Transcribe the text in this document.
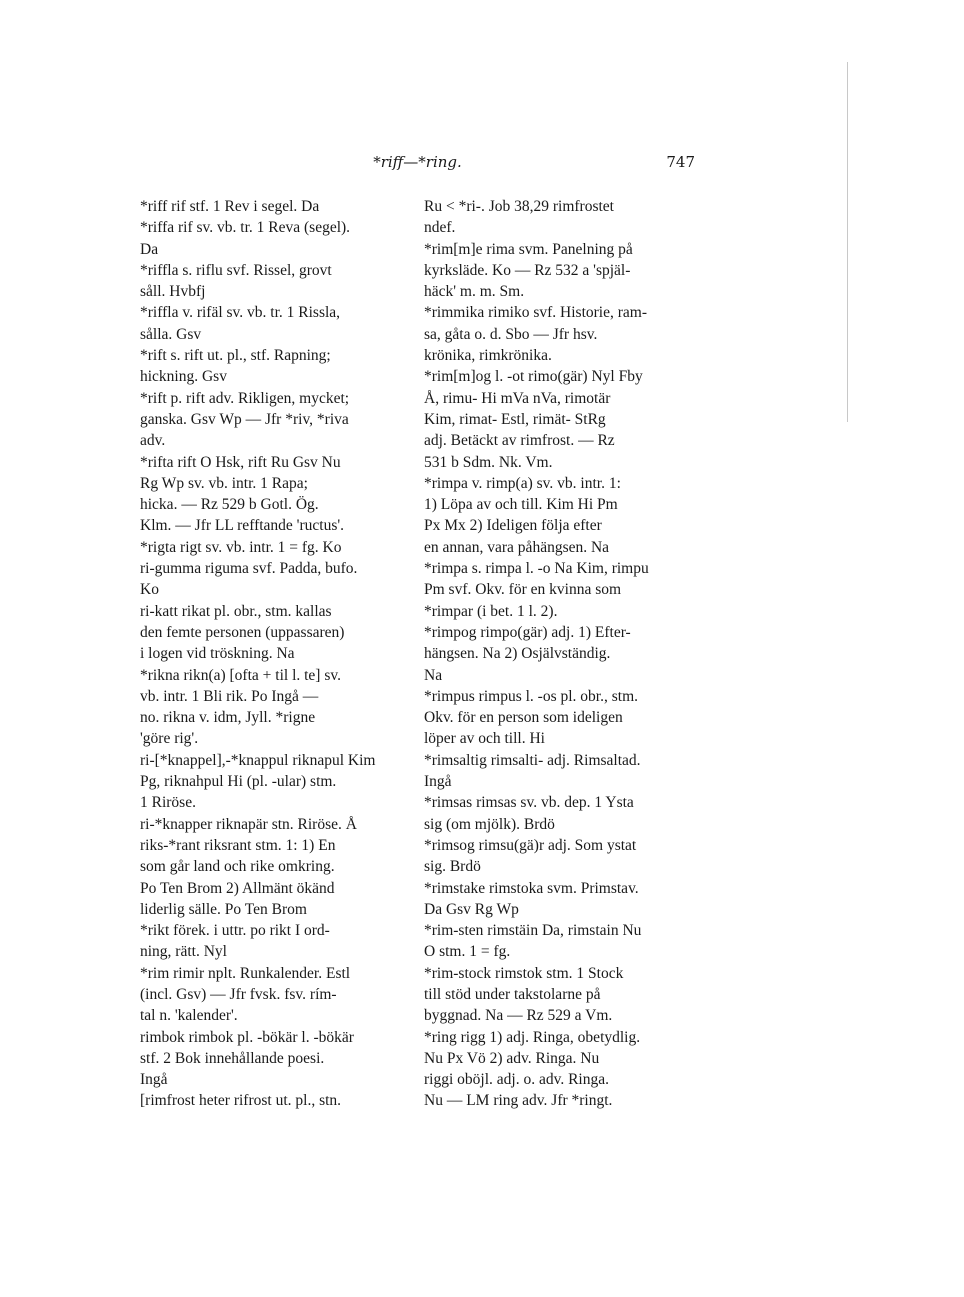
*riff—*ring.	747
*riff rif stf. 1 Rev i segel. Da
*riffa rif sv. vb. tr. 1 Reva (segel).
Da
*riffla s. riflu svf. Rissel, grovt
såll. Hvbfj
*riffla v. rifäl sv. vb. tr. 1 Rissla,
sålla. Gsv
*rift s. rift ut. pl., stf. Rapning;
hickning. Gsv
*rift p. rift adv. Rikligen, mycket;
ganska. Gsv Wp — Jfr *riv, *riva
adv.
*rifta rift O Hsk, rift Ru Gsv Nu
Rg Wp sv. vb. intr. 1 Rapa;
hicka. — Rz 529 b Gotl. Ög.
Klm. — Jfr LL refftande 'ructus'.
*rigta rigt sv. vb. intr. 1 = fg. Ko
ri-gumma riguma svf. Padda, bufo.
Ko
ri-katt rikat pl. obr., stm. kallas
den femte personen (uppassaren)
i logen vid tröskning. Na
*rikna rikn(a) [ofta + til l. te] sv.
vb. intr. 1 Bli rik. Po Ingå —
no. rikna v. idm, Jyll. *rigne
'göre rig'.
ri-[*knappel],-*knappul riknapul Kim
Pg, riknahpul Hi (pl. -ular) stm.
1 Riröse.
ri-*knapper riknapär stn. Riröse. Å
riks-*rant riksrant stm. 1: 1) En
som går land och rike omkring.
Po Ten Brom 2) Allmänt ökänd
liderlig sälle. Po Ten Brom
*rikt förek. i uttr. po rikt I ord-
ning, rätt. Nyl
*rim rimir nplt. Runkalender. Estl
(incl. Gsv) — Jfr fvsk. fsv. rím-
tal n. 'kalender'.
rimbok rimbok pl. -bökär l. -bökär
stf. 2 Bok innehållande poesi.
Ingå
[rimfrost heter rifrost ut. pl., stn.
Ru < *ri-. Job 38,29 rimfrostet
ndef.
*rim[m]e rima svm. Panelning på
kyrksläde. Ko — Rz 532 a 'spjäl-
häck' m. m. Sm.
*rimmika rimiko svf. Historie, ram-
sa, gåta o. d. Sbo — Jfr hsv.
krönika, rimkrönika.
*rim[m]og l. -ot rimo(gär) Nyl Fby
Å, rimu- Hi mVa nVa, rimotär
Kim, rimat- Estl, rimät- StRg
adj. Betäckt av rimfrost. — Rz
531 b Sdm. Nk. Vm.
*rimpa v. rimp(a) sv. vb. intr. 1:
1) Löpa av och till. Kim Hi Pm
Px Mx 2) Ideligen följa efter
en annan, vara påhängsen. Na
*rimpa s. rimpa l. -o Na Kim, rimpu
Pm svf. Okv. för en kvinna som
*rimpar (i bet. 1 l. 2).
*rimpog rimpo(gär) adj. 1) Efter-
hängsen. Na 2) Osjälvständig.
Na
*rimpus rimpus l. -os pl. obr., stm.
Okv. för en person som ideligen
löper av och till. Hi
*rimsaltig rimsalti- adj. Rimsaltad.
Ingå
*rimsas rimsas sv. vb. dep. 1 Ysta
sig (om mjölk). Brdö
*rimsog rimsu(gä)r adj. Som ystat
sig. Brdö
*rimstake rimstoka svm. Primstav.
Da Gsv Rg Wp
*rim-sten rimstäin Da, rimstain Nu
O stm. 1 = fg.
*rim-stock rimstok stm. 1 Stock
till stöd under takstolarne på
byggnad. Na — Rz 529 a Vm.
*ring rigg 1) adj. Ringa, obetydlig.
Nu Px Vö 2) adv. Ringa. Nu
riggi oböjl. adj. o. adv. Ringa.
Nu — LM ring adv. Jfr *ringt.
